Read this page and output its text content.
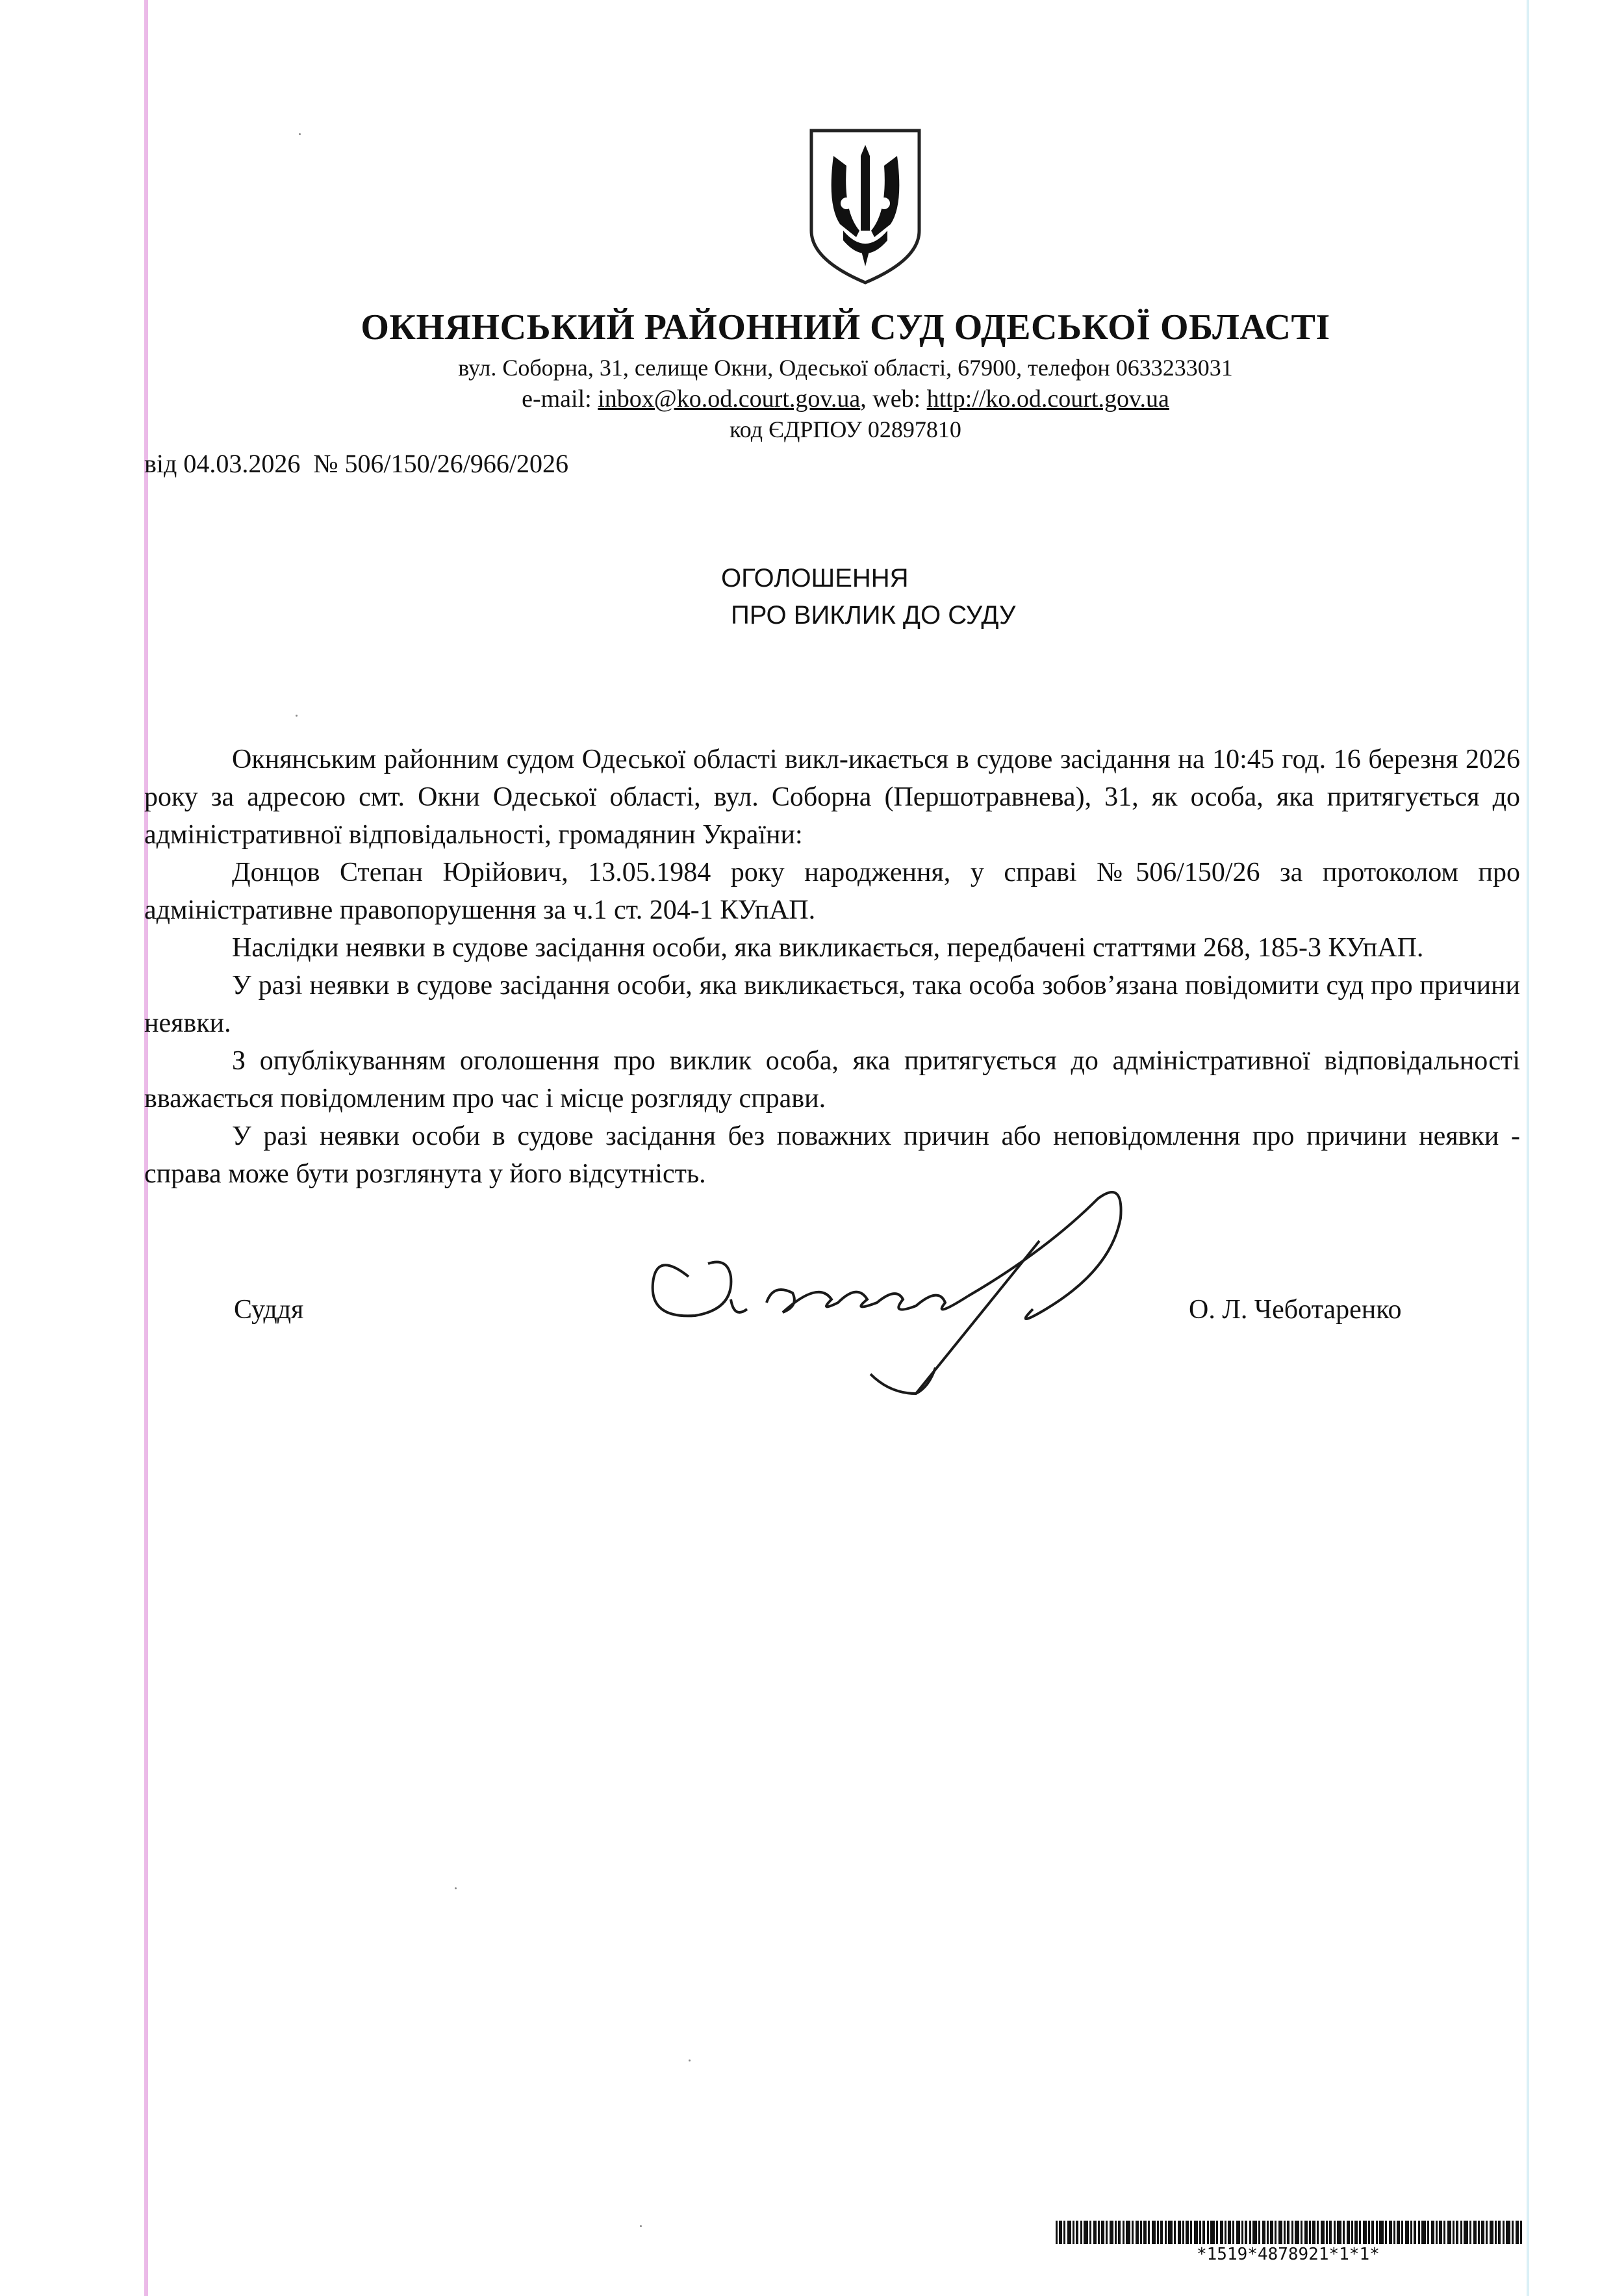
ОКНЯНСЬКИЙ РАЙОННИЙ СУД ОДЕСЬКОЇ ОБЛАСТІ
вул. Соборна, 31, селище Окни, Одеської області, 67900, телефон 0633233031
e-mail: inbox@ko.od.court.gov.ua, web: http://ko.od.court.gov.ua
код ЄДРПОУ 02897810
від 04.03.2026  № 506/150/26/966/2026
ОГОЛОШЕННЯ
ПРО ВИКЛИК ДО СУДУ

Окнянським районним судом Одеської області викл-икається в судове засідання на 10:45 год. 16 березня 2026 року за адресою смт. Окни Одеської області, вул. Соборна (Першотравнева), 31, як особа, яка притягується до адміністративної відповідальності, громадянин України:

Донцов Степан Юрійович, 13.05.1984 року народження, у справі №506/150/26 за протоколом про адміністративне правопорушення за ч.1 ст. 204-1 КУпАП.

Наслідки неявки в судове засідання особи, яка викликається, передбачені статтями 268, 185-3 КУпАП.

У разі неявки в судове засідання особи, яка викликається, така особа зобов’язана повідомити суд про причини неявки.

З опублікуванням оголошення про виклик особа, яка притягується до адміністративної відповідальності вважається повідомленим про час і місце розгляду справи.

У разі неявки особи в судове засідання без поважних причин або неповідомлення про причини неявки - справа може бути розглянута у його відсутність.

Суддя	О. Л. Чеботаренко
*1519*4878921*1*1*
